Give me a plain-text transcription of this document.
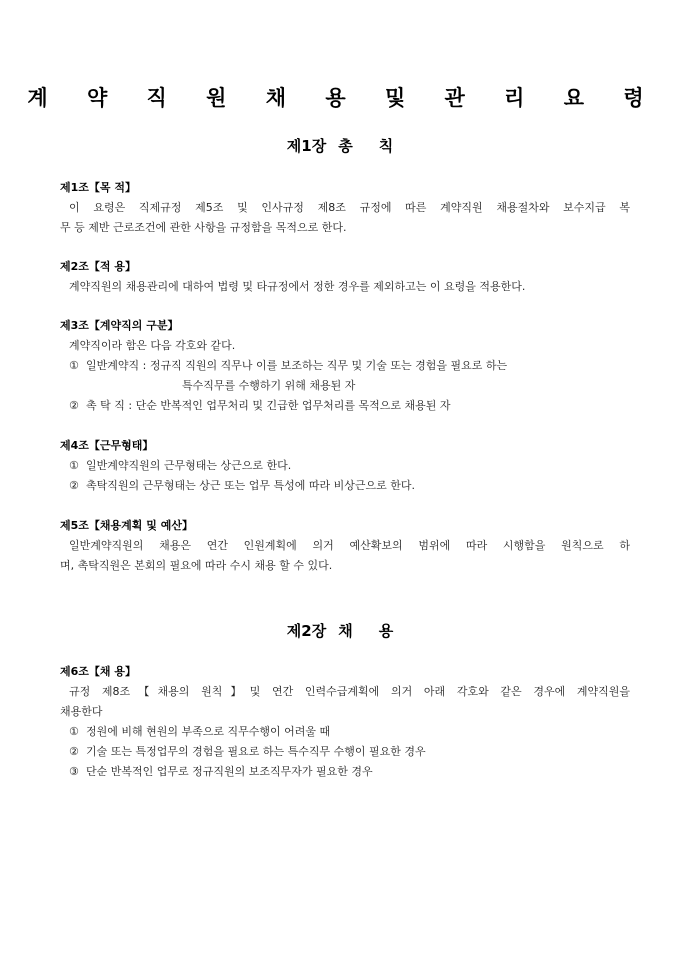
계 약 직 원 채 용 및 관 리 요 령
제1장 총 칙
제1조【목 적】
이 요령은 직제규정 제5조 및 인사규정 제8조 규정에 따른 계약직원 채용절차와 보수지급 복
무 등 제반 근로조건에 관한 사항을 규정함을 목적으로 한다.
제2조【적 용】
계약직원의 채용관리에 대하여 법령 및 타규정에서 정한 경우를 제외하고는 이 요령을 적용한다.
제3조【계약직의 구분】
계약직이라 함은 다음 각호와 같다.
① 일반계약직 : 정규직 직원의 직무나 이를 보조하는 직무 및 기술 또는 경험을 필요로 하는
특수직무를 수행하기 위해 채용된 자
② 촉 탁 직 : 단순 반복적인 업무처리 및 긴급한 업무처리를 목적으로 채용된 자
제4조【근무형태】
① 일반계약직원의 근무형태는 상근으로 한다.
② 촉탁직원의 근무형태는 상근 또는 업무 특성에 따라 비상근으로 한다.
제5조【채용계획 및 예산】
일반계약직원의 채용은 연간 인원계획에 의거 예산확보의 범위에 따라 시행함을 원칙으로 하
며, 촉탁직원은 본회의 필요에 따라 수시 채용 할 수 있다.
제2장 채 용
제6조【채 용】
규정 제8조【채용의 원칙】및 연간 인력수급계획에 의거 아래 각호와 같은 경우에 계약직원을
채용한다
① 정원에 비해 현원의 부족으로 직무수행이 어려울 때
② 기술 또는 특정업무의 경험을 필요로 하는 특수직무 수행이 필요한 경우
③ 단순 반복적인 업무로 정규직원의 보조직무자가 필요한 경우
